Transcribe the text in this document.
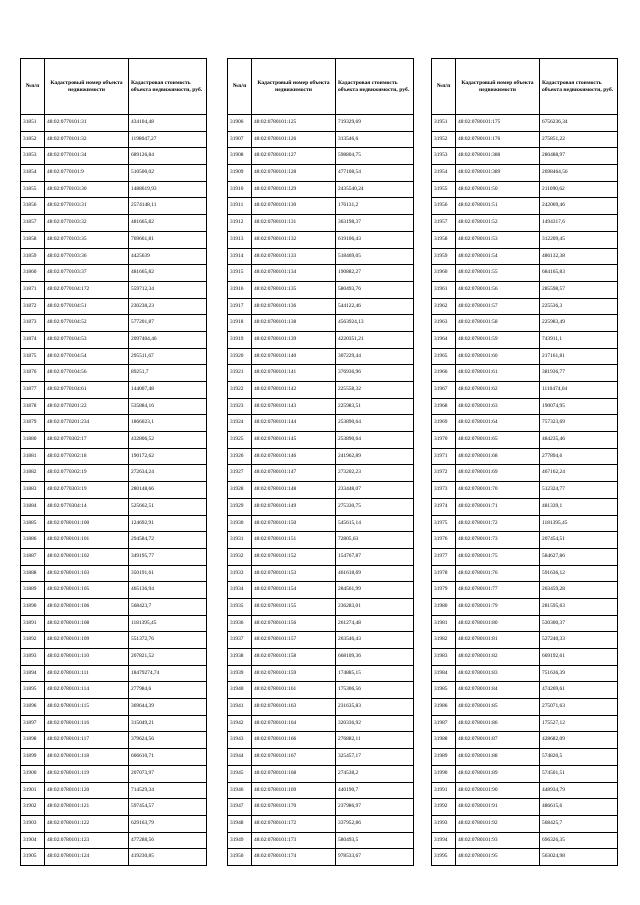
№п/п	Кадастровый номер объекта недвижимости	Кадастровая стоимость объекта недвижимости, руб.
31851	48:02:0770101:31	434104,48
31852	48:02:0770101:32	1198047,27
31853	48:02:0770101:34	689126,84
31854	48:02:0770101:9	510500,02
31855	48:02:0770103:30	1488619,93
31856	48:02:0770103:31	2574148,11
31857	48:02:0770103:32	481665,82
31858	48:02:0770103:35	769661,81
31859	48:02:0770103:36	4425639
31860	48:02:0770103:37	481665,82
31871	48:02:0770104:172	559712,34
31872	48:02:0770104:51	230238,23
31873	48:02:0770104:52	577201,87
31874	48:02:0770104:53	2097404,46
31875	48:02:0770104:54	295511,67
31876	48:02:0770104:56	89251,7
31877	48:02:0770104:61	144007,48
31878	48:02:0770201:22	535884,16
31879	48:02:0770201:234	1866023,1
31880	48:02:0770302:17	432806,52
31881	48:02:0770302:18	190172,62
31882	48:02:0770302:19	272634,24
31883	48:02:0770303:19	280148,66
31884	48:02:0770304:14	525662,51
31885	48:02:0780101:100	124692,91
31886	48:02:0780101:101	294584,72
31887	48:02:0780101:102	349195,77
31888	48:02:0780101:103	350191,61
31889	48:02:0780101:105	465136,94
31890	48:02:0780101:106	568423,7
31891	48:02:0780101:108	1181395,45
31892	48:02:0780101:109	551372,76
31893	48:02:0780101:110	207821,52
31894	48:02:0780101:111	18479274,74
31895	48:02:0780101:114	277984,6
31896	48:02:0780101:115	369644,39
31897	48:02:0780101:116	315049,21
31898	48:02:0780101:117	379624,56
31899	48:02:0780101:118	606610,71
31900	48:02:0780101:119	207073,97
31901	48:02:0780101:120	714529,34
31902	48:02:0780101:121	597454,57
31903	48:02:0780101:122	629163,79
31904	48:02:0780101:123	477288,56
31905	48:02:0780101:124	419230,85
№п/п	Кадастровый номер объекта недвижимости	Кадастровая стоимость объекта недвижимости, руб.
31906	48:02:0780101:125	719329,69
31907	48:02:0780101:126	313546,6
31908	48:02:0780101:127	598804,75
31909	48:02:0780101:128	477108,54
31910	48:02:0780101:129	2435540,24
31911	48:02:0780101:130	176131,2
31912	48:02:0780101:131	363198,37
31913	48:02:0780101:132	619106,43
31914	48:02:0780101:133	518469,05
31915	48:02:0780101:134	190882,27
31916	48:02:0780101:135	580493,76
31917	48:02:0780101:136	544122,46
31918	48:02:0780101:138	4563924,13
31919	48:02:0780101:139	4220351,21
31920	48:02:0780101:140	307229,44
31921	48:02:0780101:141	376936,96
31922	48:02:0780101:142	225558,32
31923	48:02:0780101:143	225983,51
31924	48:02:0780101:144	253890,64
31925	48:02:0780101:145	253890,64
31926	48:02:0780101:146	241962,89
31927	48:02:0780101:147	273202,23
31928	48:02:0780101:148	233448,07
31929	48:02:0780101:149	275330,75
31930	48:02:0780101:150	545615,14
31931	48:02:0780101:151	72805,63
31932	48:02:0780101:152	154767,87
31933	48:02:0780101:153	461618,69
31934	48:02:0780101:154	284561,99
31935	48:02:0780101:155	236283,01
31936	48:02:0780101:156	261274,48
31937	48:02:0780101:157	263546,43
31938	48:02:0780101:158	668109,36
31939	48:02:0780101:159	174885,15
31940	48:02:0780101:161	175306,56
31941	48:02:0780101:163	231635,83
31942	48:02:0780101:164	320336,92
31943	48:02:0780101:166	276882,11
31944	48:02:0780101:167	325457,17
31945	48:02:0780101:168	274538,2
31946	48:02:0780101:169	440190,7
31947	48:02:0780101:170	237986,97
31948	48:02:0780101:172	337952,86
31949	48:02:0780101:173	580493,5
31950	48:02:0780101:174	978533,67
№п/п	Кадастровый номер объекта недвижимости	Кадастровая стоимость объекта недвижимости, руб.
31951	48:02:0780101:175	6756236,34
31952	48:02:0780101:176	275851,22
31953	48:02:0780101:388	280488,97
31954	48:02:0780101:389	2698464,56
31955	48:02:0780101:50	211090,62
31956	48:02:0780101:51	242069,46
31957	48:02:0780101:52	1494317,6
31958	48:02:0780101:53	312209,45
31959	48:02:0780101:54	486132,38
31960	48:02:0780101:55	684165,83
31961	48:02:0780101:56	285598,57
31962	48:02:0780101:57	225536,3
31963	48:02:0780101:58	225983,49
31964	48:02:0780101:59	743911,1
31965	48:02:0780101:60	217161,81
31966	48:02:0780101:61	381936,77
31967	48:02:0780101:62	1110474,04
31968	48:02:0780101:63	190074,95
31969	48:02:0780101:64	757323,69
31970	48:02:0780101:65	484235,46
31971	48:02:0780101:68	277894,6
31972	48:02:0780101:69	467162,24
31973	48:02:0780101:70	512324,77
31974	48:02:0780101:71	481339,1
31975	48:02:0780101:72	1181395,45
31976	48:02:0780101:73	207454,51
31977	48:02:0780101:75	584627,86
31978	48:02:0780101:76	591636,12
31979	48:02:0780101:77	263459,28
31980	48:02:0780101:79	281595,63
31981	48:02:0780101:80	530300,37
31982	48:02:0780101:81	527240,33
31983	48:02:0780101:82	669192,61
31984	48:02:0780101:83	751636,39
31985	48:02:0780101:84	474269,61
31986	48:02:0780101:85	275071,63
31987	48:02:0780101:86	175527,12
31988	48:02:0780101:87	428682,09
31989	48:02:0780101:88	574820,5
31990	48:02:0780101:89	574501,51
31991	48:02:0780101:90	448934,79
31992	48:02:0780101:91	486615,6
31993	48:02:0780101:92	568425,7
31994	48:02:0780101:93	696326,35
31995	48:02:0780101:95	563024,98
